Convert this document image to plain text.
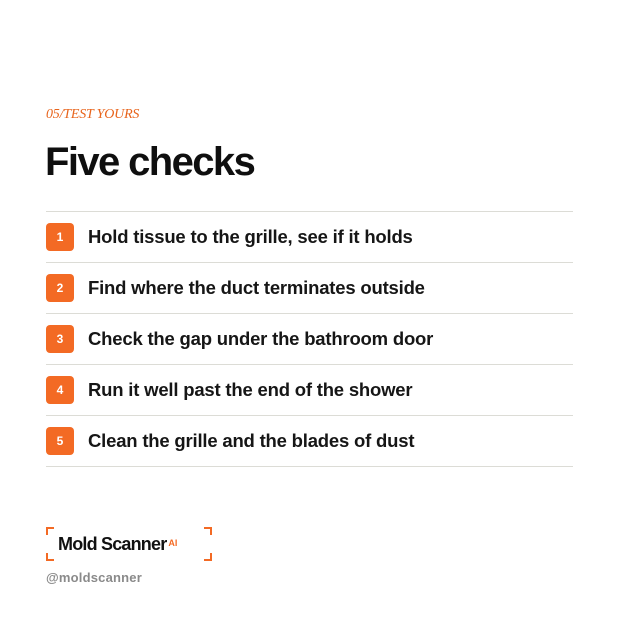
05/TEST YOURS
Five checks
1	Hold tissue to the grille, see if it holds
2	Find where the duct terminates outside
3	Check the gap under the bathroom door
4	Run it well past the end of the shower
5	Clean the grille and the blades of dust
Mold Scanner $^{AI}$
@moldscanner
